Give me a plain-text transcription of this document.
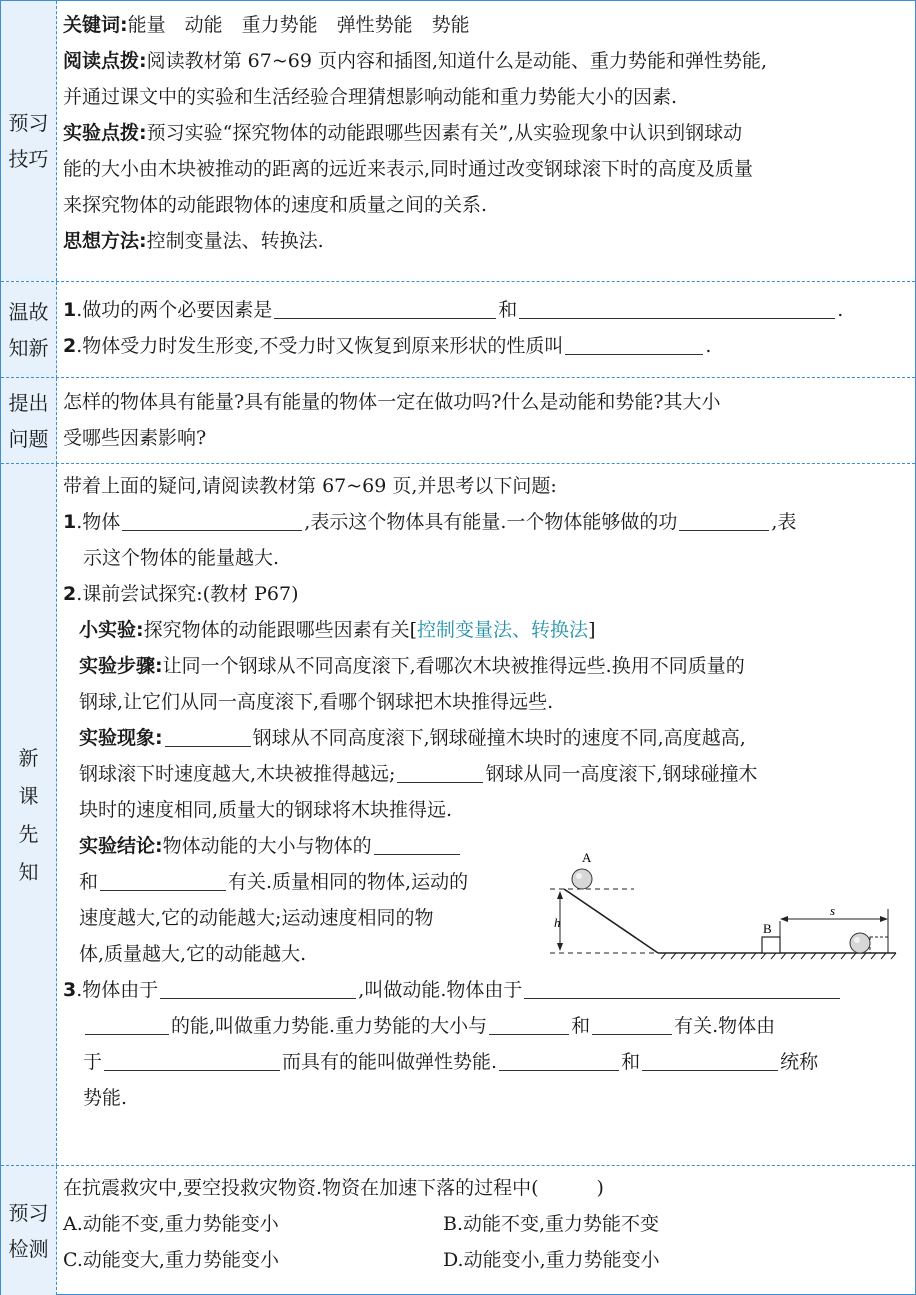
预习技巧
关键词:能量　动能　重力势能　弹性势能　势能
阅读点拨:阅读教材第 67~69 页内容和插图,知道什么是动能、重力势能和弹性势能,
并通过课文中的实验和生活经验合理猜想影响动能和重力势能大小的因素.
实验点拨:预习实验“探究物体的动能跟哪些因素有关”,从实验现象中认识到钢球动
能的大小由木块被推动的距离的远近来表示,同时通过改变钢球滚下时的高度及质量
来探究物体的动能跟物体的速度和质量之间的关系.
思想方法:控制变量法、转换法.
温故知新
1.做功的两个必要因素是	和	.
2.物体受力时发生形变,不受力时又恢复到原来形状的性质叫	.
提出问题
怎样的物体具有能量?具有能量的物体一定在做功吗?什么是动能和势能?其大小
受哪些因素影响?
新课先知
带着上面的疑问,请阅读教材第 67~69 页,并思考以下问题:
1.物体	,表示这个物体具有能量.一个物体能够做的功	,表
示这个物体的能量越大.
2.课前尝试探究:(教材 P67)
小实验:探究物体的动能跟哪些因素有关[控制变量法、转换法]
实验步骤:让同一个钢球从不同高度滚下,看哪次木块被推得远些.换用不同质量的
钢球,让它们从同一高度滚下,看哪个钢球把木块推得远些.
实验现象:	钢球从不同高度滚下,钢球碰撞木块时的速度不同,高度越高,
钢球滚下时速度越大,木块被推得越远;	钢球从同一高度滚下,钢球碰撞木
块时的速度相同,质量大的钢球将木块推得远.
实验结论:物体动能的大小与物体的
和	有关.质量相同的物体,运动的
速度越大,它的动能越大;运动速度相同的物
体,质量越大,它的动能越大.
3.物体由于	,叫做动能.物体由于
的能,叫做重力势能.重力势能的大小与	和	有关.物体由
于	而具有的能叫做弹性势能.	和	统称
势能.
预习检测
在抗震救灾中,要空投救灾物资.物资在加速下落的过程中(	)
A.动能不变,重力势能变小	B.动能不变,重力势能不变
C.动能变大,重力势能变小	D.动能变小,重力势能变小
h
A
B
s
